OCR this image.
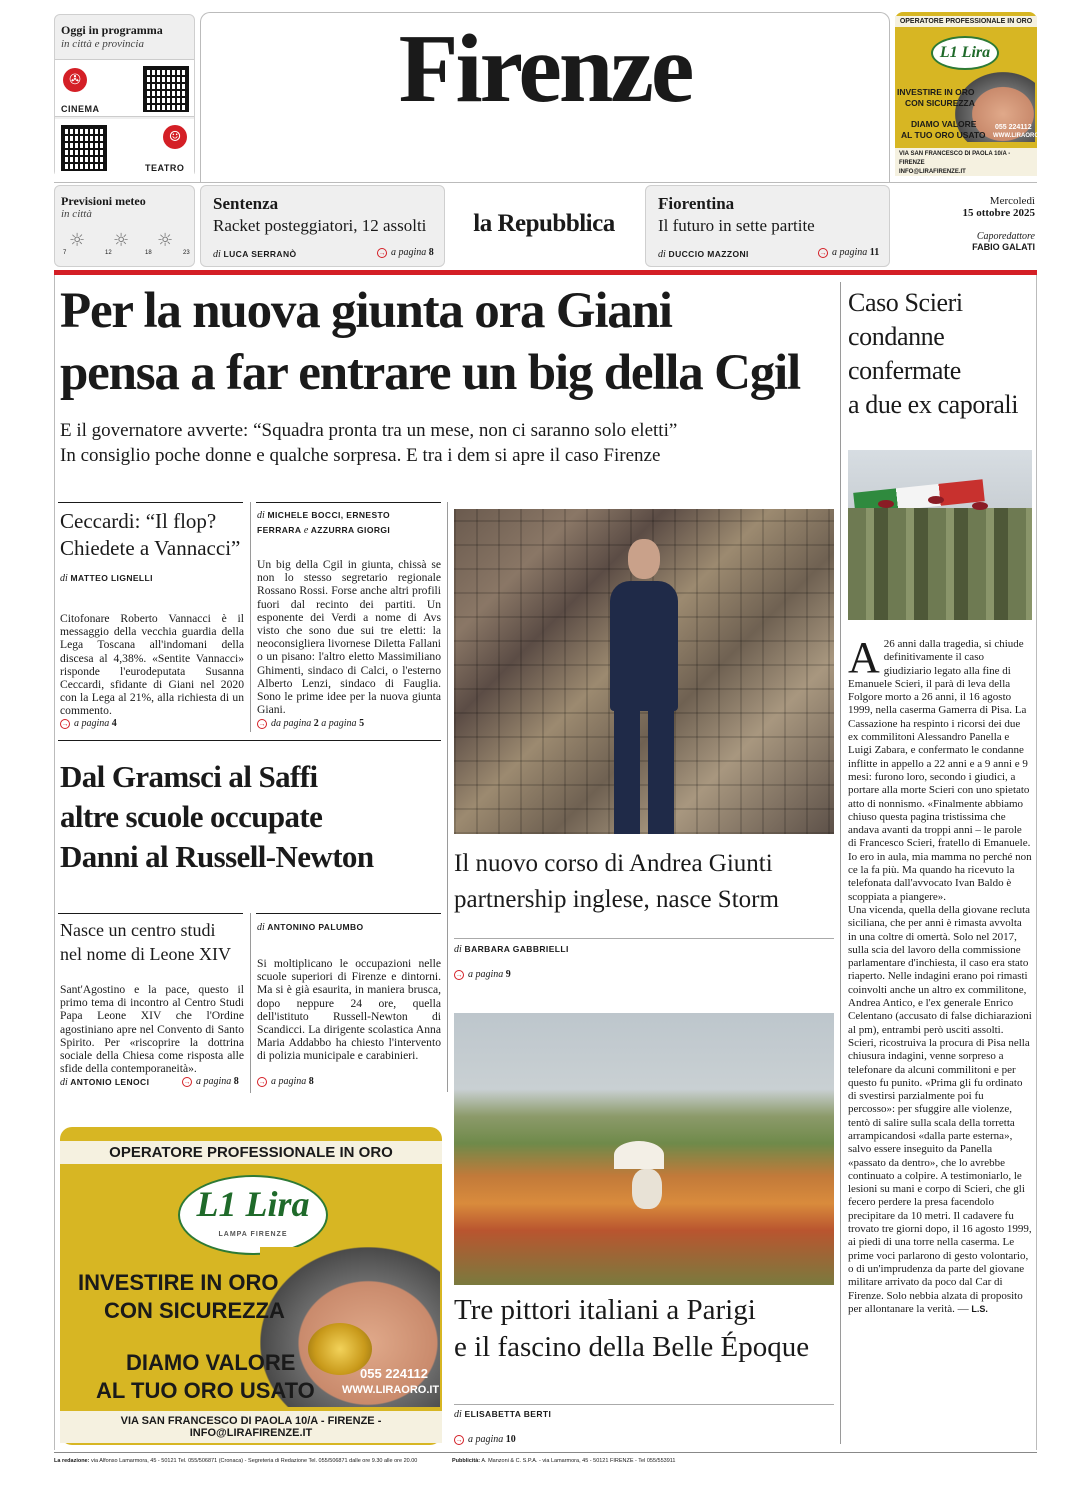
Oggi in programma
in città e provincia
✇
CINEMA
☺
TEATRO
Firenze	OPERATORE PROFESSIONALE IN ORO
L1 Lira
INVESTIRE IN ORO
CON SICUREZZA
DIAMO VALORE
AL TUO ORO USATO
055 224112
WWW.LIRAORO.IT
VIA SAN FRANCESCO DI PAOLA 10/A - FIRENZE
INFO@LIRAFIRENZE.IT
Previsioni meteo
in città
☼ ☼ ☼
7	12	18	23
Sentenza
Racket posteggiatori, 12 assolti
di LUCA SERRANÒ	→ a pagina 8
la Repubblica
Fiorentina
Il futuro in sette partite
di DUCCIO MAZZONI	→ a pagina 11
Mercoledì
15 ottobre 2025
Caporedattore
FABIO GALATI
Per la nuova giunta ora Giani
pensa a far entrare un big della Cgil
E il governatore avverte: “Squadra pronta tra un mese, non ci saranno solo eletti”
In consiglio poche donne e qualche sorpresa. E tra i dem si apre il caso Firenze
Ceccardi: “Il flop?
Chiedete a Vannacci”
di MATTEO LIGNELLI
Citofonare Roberto Vannacci è il messaggio della vecchia guardia della Lega Toscana all'indomani della discesa al 4,38%. «Sentite Vannacci» risponde l'eurodeputata Susanna Ceccardi, sfidante di Giani nel 2020 con la Lega al 21%, alla richiesta di un commento.
→ a pagina 4
di MICHELE BOCCI, ERNESTO
FERRARA e AZZURRA GIORGI
Un big della Cgil in giunta, chissà se non lo stesso segretario regionale Rossano Rossi. Forse anche altri profili fuori dal recinto dei partiti. Un esponente dei Verdi a nome di Avs visto che sono due sui tre eletti: la neoconsigliera livornese Diletta Fallani o un pisano: l'altro eletto Massimiliano Ghimenti, sindaco di Calci, o l'esterno Alberto Lenzi, sindaco di Fauglia. Sono le prime idee per la nuova giunta Giani.
→ da pagina 2 a pagina 5
Dal Gramsci al Saffi
altre scuole occupate
Danni al Russell-Newton
Nasce un centro studi
nel nome di Leone XIV
Sant'Agostino e la pace, questo il primo tema di incontro al Centro Studi Papa Leone XIV che l'Ordine agostiniano apre nel Convento di Santo Spirito. Per «riscoprire la dottrina sociale della Chiesa come risposta alle sfide della contemporaneità».
di ANTONIO LENOCI	→ a pagina 8
di ANTONINO PALUMBO
Si moltiplicano le occupazioni nelle scuole superiori di Firenze e dintorni. Ma si è già esaurita, in maniera brusca, dopo neppure 24 ore, quella dell'istituto Russell-Newton di Scandicci. La dirigente scolastica Anna Maria Addabbo ha chiesto l'intervento di polizia municipale e carabinieri.
→ a pagina 8
Il nuovo corso di Andrea Giunti
partnership inglese, nasce Storm
di BARBARA GABBRIELLI
→ a pagina 9
Tre pittori italiani a Parigi
e il fascino della Belle Époque
di ELISABETTA BERTI
→ a pagina 10
OPERATORE PROFESSIONALE IN ORO
L1 Lira
LAMPA FIRENZE
INVESTIRE IN ORO
CON SICUREZZA
DIAMO VALORE
AL TUO ORO USATO
055 224112
WWW.LIRAORO.IT
VIA SAN FRANCESCO DI PAOLA 10/A - FIRENZE - INFO@LIRAFIRENZE.IT
Caso Scieri
condanne
confermate
a due ex caporali
A 26 anni dalla tragedia, si chiude definitivamente il caso giudiziario legato alla fine di Emanuele Scieri, il parà di leva della Folgore morto a 26 anni, il 16 agosto 1999, nella caserma Gamerra di Pisa. La Cassazione ha respinto i ricorsi dei due ex commilitoni Alessandro Panella e Luigi Zabara, e confermato le condanne inflitte in appello a 22 anni e a 9 anni e 9 mesi: furono loro, secondo i giudici, a portare alla morte Scieri con uno spietato atto di nonnismo. «Finalmente abbiamo chiuso questa pagina tristissima che andava avanti da troppi anni – le parole di Francesco Scieri, fratello di Emanuele. Io ero in aula, mia mamma no perché non ce la fa più. Ma quando ha ricevuto la telefonata dall'avvocato Ivan Baldo è scoppiata a piangere».
Una vicenda, quella della giovane recluta siciliana, che per anni è rimasta avvolta in una coltre di omertà. Solo nel 2017, sulla scia del lavoro della commissione parlamentare d'inchiesta, il caso era stato riaperto. Nelle indagini erano poi rimasti coinvolti anche un altro ex commilitone, Andrea Antico, e l'ex generale Enrico Celentano (accusato di false dichiarazioni al pm), entrambi però usciti assolti.
Scieri, ricostruiva la procura di Pisa nella chiusura indagini, venne sorpreso a telefonare da alcuni commilitoni e per questo fu punito. «Prima gli fu ordinato di svestirsi parzialmente poi fu percosso»: per sfuggire alle violenze, tentò di salire sulla scala della torretta arrampicandosi «dalla parte esterna», salvo essere inseguito da Panella «passato da dentro», che lo avrebbe continuato a colpire. A testimoniarlo, le lesioni su mani e corpo di Scieri, che gli fecero perdere la presa facendolo precipitare da 10 metri. Il cadavere fu trovato tre giorni dopo, il 16 agosto 1999, ai piedi di una torre nella caserma. Le prime voci parlarono di gesto volontario, o di un'imprudenza da parte del giovane militare arrivato da poco dal Car di Firenze. Solo nebbia alzata di proposito per allontanare la verità. — L.S.
La redazione: via Alfonso Lamarmora, 45 - 50121 Tel. 055/506871 (Cronaca) - Segreteria di Redazione Tel. 055/506871 dalle ore 9.30 alle ore 20.00	Pubblicità: A. Manzoni & C. S.P.A. - via Lamarmora, 45 - 50121 FIRENZE - Tel 055/553911
